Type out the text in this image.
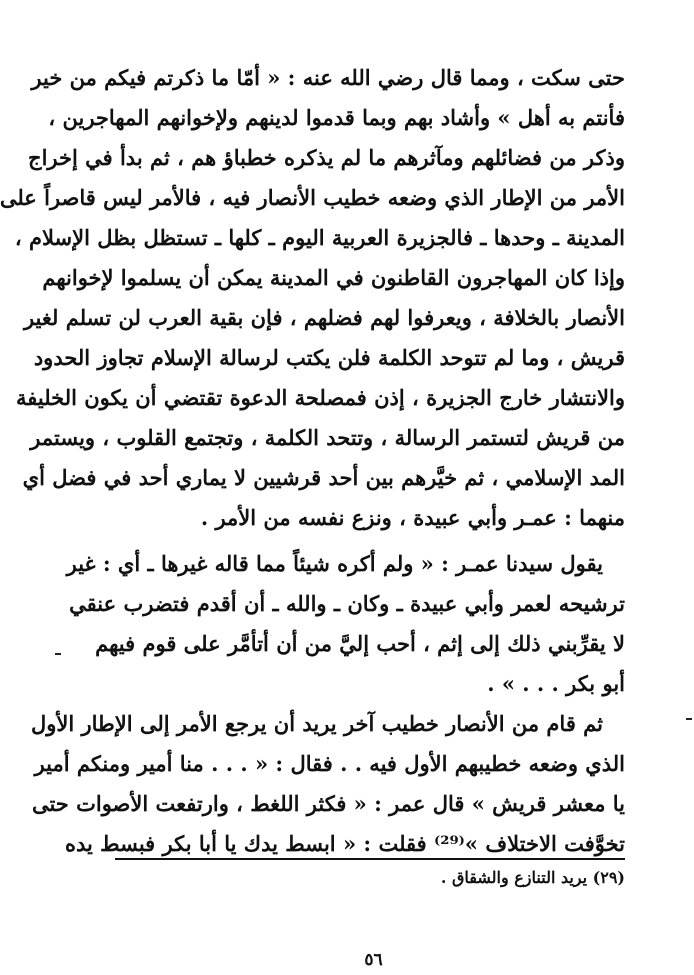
حتى سكت ، ومما قال رضي الله عنه : « أمّا ما ذكرتم فيكم من خير
فأنتم به أهل » وأشاد بهم وبما قدموا لدينهم ولإخوانهم المهاجرين ،
وذكر من فضائلهم ومآثرهم ما لم يذكره خطباؤ هم ، ثم بدأ في إخراج
الأمر من الإطار الذي وضعه خطيب الأنصار فيه ، فالأمر ليس قاصراً على
المدينة ـ وحدها ـ فالجزيرة العربية اليوم ـ كلها ـ تستظل بظل الإسلام ،
وإذا كان المهاجرون القاطنون في المدينة يمكن أن يسلموا لإخوانهم
الأنصار بالخلافة ، ويعرفوا لهم فضلهم ، فإن بقية العرب لن تسلم لغير
قريش ، وما لم تتوحد الكلمة فلن يكتب لرسالة الإسلام تجاوز الحدود
والانتشار خارج الجزيرة ، إذن فمصلحة الدعوة تقتضي أن يكون الخليفة
من قريش لتستمر الرسالة ، وتتحد الكلمة ، وتجتمع القلوب ، ويستمر
المد الإسلامي ، ثم خيَّرهم بين أحد قرشيين لا يماري أحد في فضل أي
منهما : عمـر وأبي عبيدة ، ونزع نفسه من الأمر .
يقول سيدنا عمـر : « ولم أكره شيئاً مما قاله غيرها ـ أي : غير
ترشيحه لعمر وأبي عبيدة ـ وكان ـ والله ـ أن أقدم فتضرب عنقي
لا يقرِّبني ذلك إلى إثم ، أحب إليَّ من أن أتأمَّر على قوم فيهم
أبو بكر . . . » .
ثم قام من الأنصار خطيب آخر يريد أن يرجع الأمر إلى الإطار الأول
الذي وضعه خطيبهم الأول فيه . . فقال : « . . . منا أمير ومنكم أمير
يا معشر قريش » قال عمر : « فكثر اللغط ، وارتفعت الأصوات حتى
تخوَّفت الاختلاف »⁽²⁹⁾ فقلت : « ابسط يدك يا أبا بكر فبسط يده
(٢٩) يريد التنازع والشقاق .
٥٦
